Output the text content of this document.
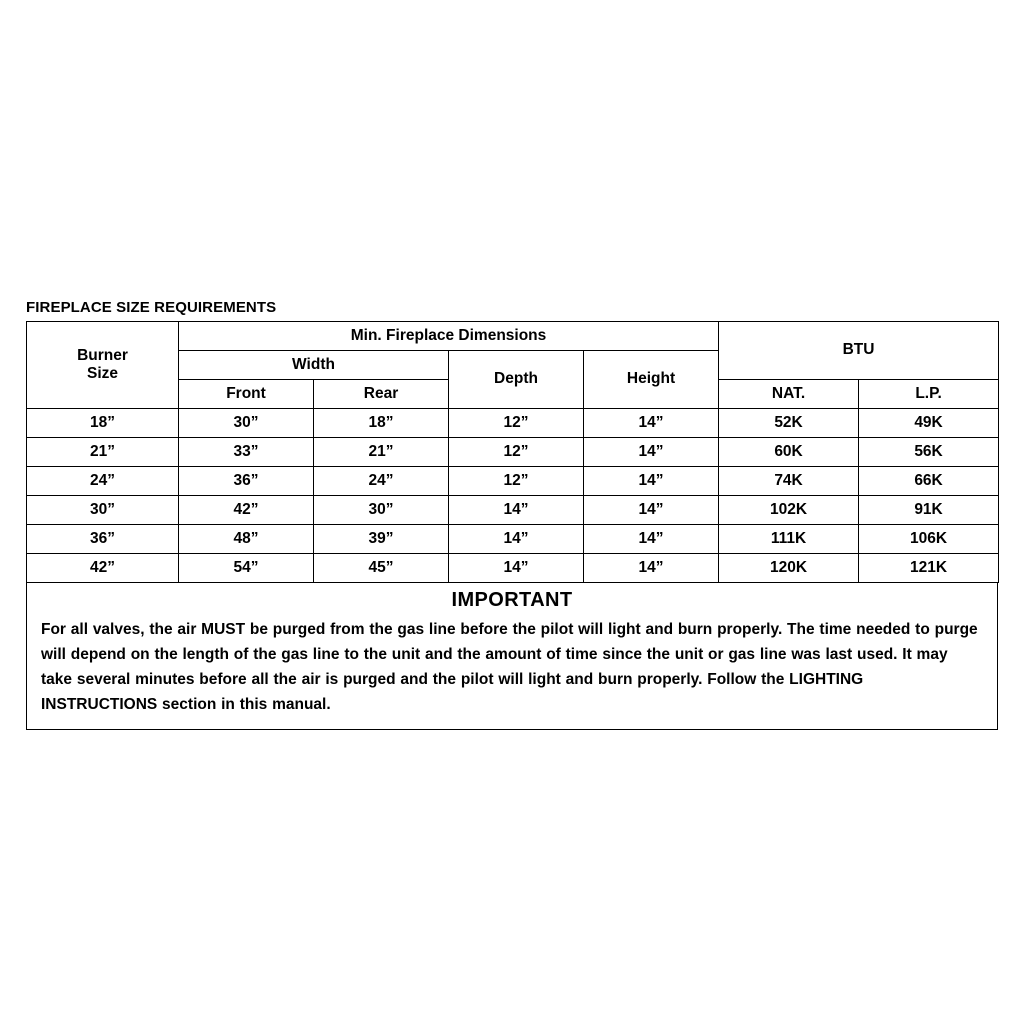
FIREPLACE SIZE REQUIREMENTS
Burner
Size	Min. Fireplace Dimensions				BTU	
	Width		Depth	Height		
	Front	Rear			NAT.	L.P.
18”	30”	18”	12”	14”	52K	49K
21”	33”	21”	12”	14”	60K	56K
24”	36”	24”	12”	14”	74K	66K
30”	42”	30”	14”	14”	102K	91K
36”	48”	39”	14”	14”	111K	106K
42”	54”	45”	14”	14”	120K	121K
IMPORTANT
For all valves, the air MUST be purged from the gas line before the pilot will light and burn properly. The time needed to purge will depend on the length of the gas line to the unit and the amount of time since the unit or gas line was last used. It may take several minutes before all the air is purged and the pilot will light and burn properly. Follow the LIGHTING INSTRUCTIONS section in this manual.
